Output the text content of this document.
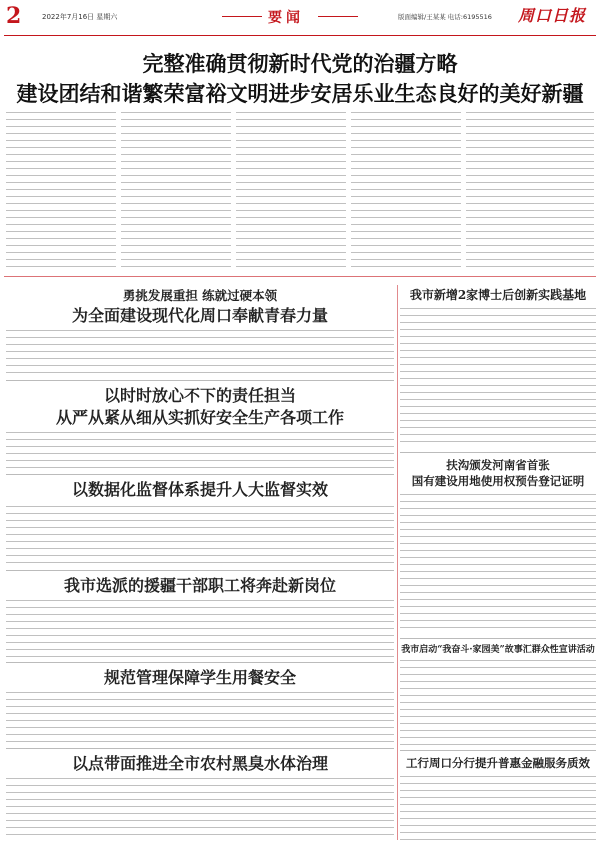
2	2022年7月16日 星期六	要闻	版面编辑/王某某 电话:6195516 周口日报
完整准确贯彻新时代党的治疆方略
建设团结和谐繁荣富裕文明进步安居乐业生态良好的美好新疆
勇挑发展重担 练就过硬本领
为全面建设现代化周口奉献青春力量
以时时放心不下的责任担当
从严从紧从细从实抓好安全生产各项工作
以数据化监督体系提升人大监督实效
我市选派的援疆干部职工将奔赴新岗位
规范管理保障学生用餐安全
以点带面推进全市农村黑臭水体治理
我市新增2家博士后创新实践基地
扶沟颁发河南省首张
国有建设用地使用权预告登记证明
我市启动“我奋斗·家园美”故事汇群众性宣讲活动
工行周口分行提升普惠金融服务质效
